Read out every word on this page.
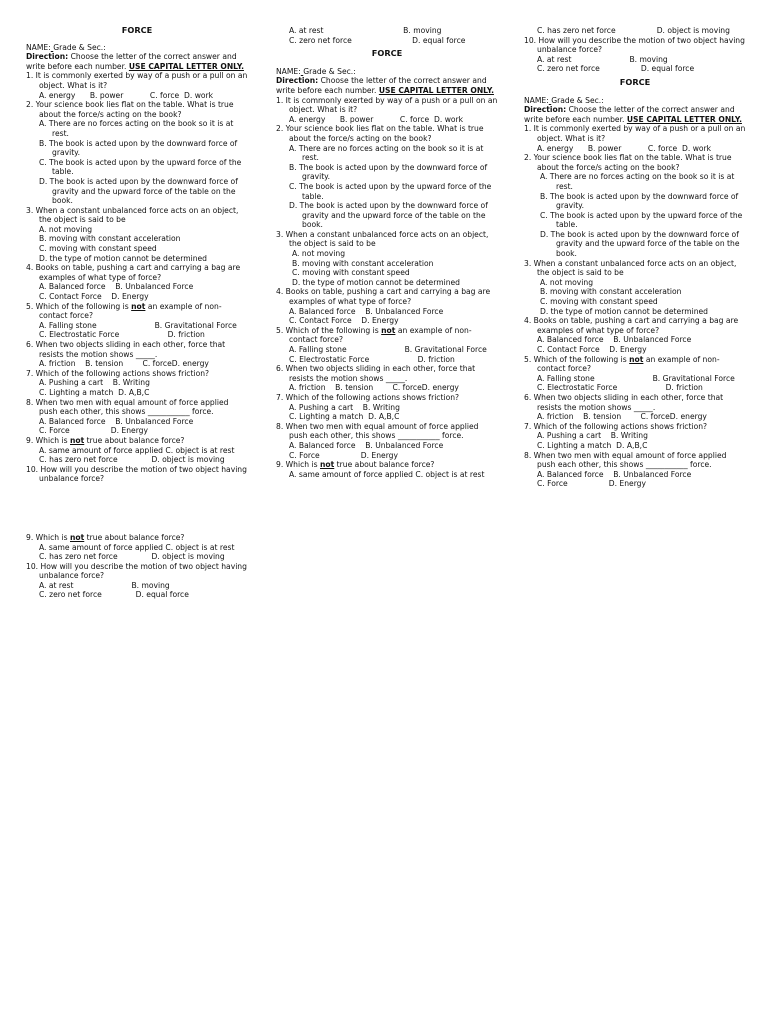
FORCE
NAME: Grade & Sec.:
Direction: Choose the letter of the correct answer and write before each number. USE CAPITAL LETTER ONLY.
1. It is commonly exerted by way of a push or a pull on an object. What is it?
A. energy B. power	C. force D. work
2. Your science book lies flat on the table. What is true about the force/s acting on the book?
A. There are no forces acting on the book so it is at rest.
B. The book is acted upon by the downward force of gravity.
C. The book is acted upon by the upward force of the table.
D. The book is acted upon by the downward force of gravity and the upward force of the table on the book.
3. When a constant unbalanced force acts on an object, the object is said to be
A. not moving
B. moving with constant acceleration
C. moving with constant speed
D. the type of motion cannot be determined
4. Books on table, pushing a cart and carrying a bag are examples of what type of force?
A. Balanced force B. Unbalanced Force
C. Contact Force D. Energy
5. Which of the following is not an example of non-contact force?
A. Falling stone	B. Gravitational Force
C. Electrostatic Force	D. friction
6. When two objects sliding in each other, force that resists the motion shows _____.
A. friction B. tension	C. forceD. energy
7. Which of the following actions shows friction?
A. Pushing a cart B. Writing
C. Lighting a match D. A,B,C
8. When two men with equal amount of force applied push each other, this shows ___________ force.
A. Balanced force B. Unbalanced Force
C. Force	D. Energy
9. Which is not true about balance force?
A. same amount of force applied C. object is at rest
C. has zero net force	D. object is moving
10. How will you describe the motion of two object having unbalance force?
9. Which is not true about balance force?
A. same amount of force applied C. object is at rest
C. has zero net force	D. object is moving
10. How will you describe the motion of two object having unbalance force?
A. at rest	B. moving
C. zero net force	D. equal force
A. at rest	B. moving
C. zero net force	D. equal force
FORCE
NAME: Grade & Sec.:
Direction: Choose the letter of the correct answer and write before each number. USE CAPITAL LETTER ONLY.
1. It is commonly exerted by way of a push or a pull on an object. What is it?
A. energy B. power	C. force D. work
2. Your science book lies flat on the table. What is true about the force/s acting on the book?
A. There are no forces acting on the book so it is at rest.
B. The book is acted upon by the downward force of gravity.
C. The book is acted upon by the upward force of the table.
D. The book is acted upon by the downward force of gravity and the upward force of the table on the book.
3. When a constant unbalanced force acts on an object, the object is said to be
A. not moving
B. moving with constant acceleration
C. moving with constant speed
D. the type of motion cannot be determined
4. Books on table, pushing a cart and carrying a bag are examples of what type of force?
A. Balanced force B. Unbalanced Force
C. Contact Force D. Energy
5. Which of the following is not an example of non-contact force?
A. Falling stone	B. Gravitational Force
C. Electrostatic Force	D. friction
6. When two objects sliding in each other, force that resists the motion shows _____.
A. friction B. tension	C. forceD. energy
7. Which of the following actions shows friction?
A. Pushing a cart B. Writing
C. Lighting a match D. A,B,C
8. When two men with equal amount of force applied push each other, this shows ___________ force.
A. Balanced force B. Unbalanced Force
C. Force	D. Energy
9. Which is not true about balance force?
A. same amount of force applied C. object is at rest
C. has zero net force	D. object is moving
10. How will you describe the motion of two object having unbalance force?
A. at rest	B. moving
C. zero net force	D. equal force
FORCE
NAME: Grade & Sec.:
Direction: Choose the letter of the correct answer and write before each number. USE CAPITAL LETTER ONLY.
1. It is commonly exerted by way of a push or a pull on an object. What is it?
A. energy B. power	C. force D. work
2. Your science book lies flat on the table. What is true about the force/s acting on the book?
A. There are no forces acting on the book so it is at rest.
B. The book is acted upon by the downward force of gravity.
C. The book is acted upon by the upward force of the table.
D. The book is acted upon by the downward force of gravity and the upward force of the table on the book.
3. When a constant unbalanced force acts on an object, the object is said to be
A. not moving
B. moving with constant acceleration
C. moving with constant speed
D. the type of motion cannot be determined
4. Books on table, pushing a cart and carrying a bag are examples of what type of force?
A. Balanced force B. Unbalanced Force
C. Contact Force D. Energy
5. Which of the following is not an example of non-contact force?
A. Falling stone	B. Gravitational Force
C. Electrostatic Force	D. friction
6. When two objects sliding in each other, force that resists the motion shows _____.
A. friction B. tension	C. forceD. energy
7. Which of the following actions shows friction?
A. Pushing a cart B. Writing
C. Lighting a match D. A,B,C
8. When two men with equal amount of force applied push each other, this shows ___________ force.
A. Balanced force B. Unbalanced Force
C. Force	D. Energy
